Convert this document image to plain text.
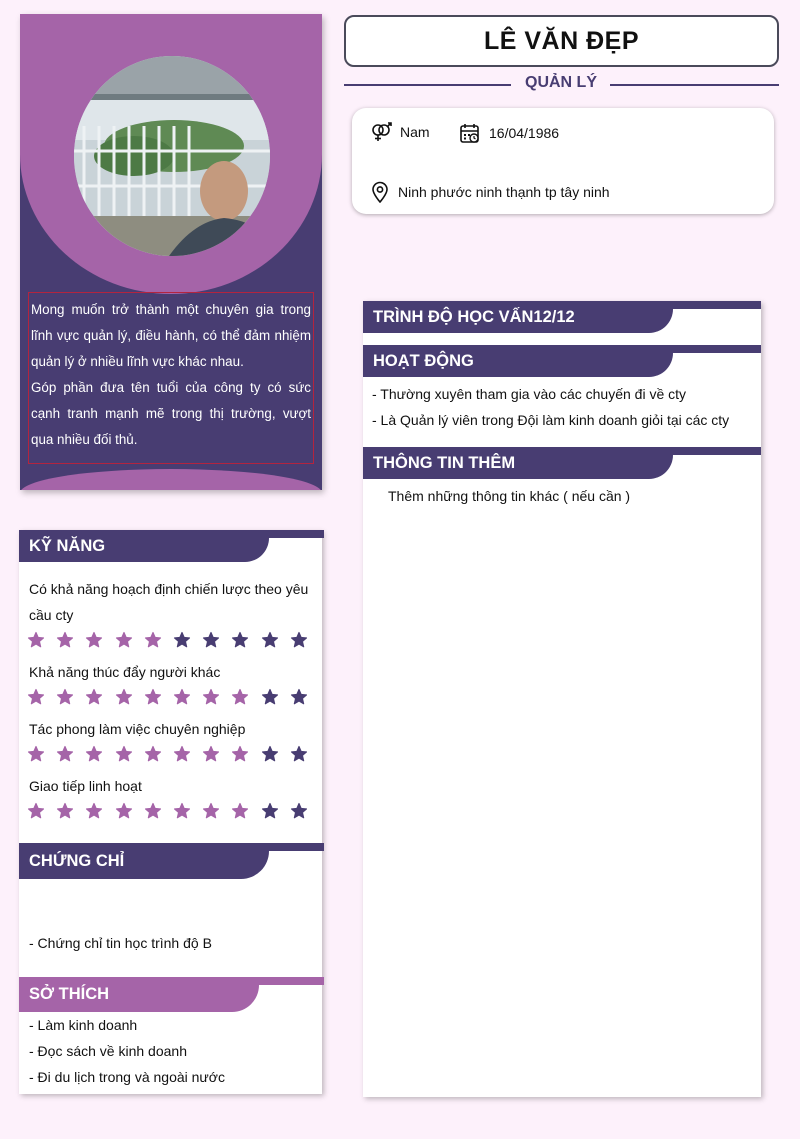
Mong muốn trở thành một chuyên gia trong lĩnh vực quản lý, điều hành, có thể đảm nhiệm quản lý ở nhiều lĩnh vực khác nhau.

Góp phần đưa tên tuổi của công ty có sức cạnh tranh mạnh mẽ trong thị trường, vượt qua nhiều đối thủ.

LÊ VĂN ĐẸP
QUẢN LÝ
Nam	16/04/1986
Ninh phước ninh thạnh tp tây ninh
TRÌNH ĐỘ HỌC VẤN12/12
HOẠT ĐỘNG
- Thường xuyên tham gia vào các chuyến đi về cty
- Là Quản lý viên trong Đội làm kinh doanh giỏi tại các cty
THÔNG TIN THÊM
Thêm những thông tin khác ( nếu cần )
KỸ NĂNG
Có khả năng hoạch định chiến lược theo yêu cầu cty
Khả năng thúc đẩy người khác
Tác phong làm việc chuyên nghiệp
Giao tiếp linh hoạt
CHỨNG CHỈ
- Chứng chỉ tin học trình độ B
SỞ THÍCH
- Làm kinh doanh
- Đọc sách về kinh doanh
- Đi du lịch trong và ngoài nước
